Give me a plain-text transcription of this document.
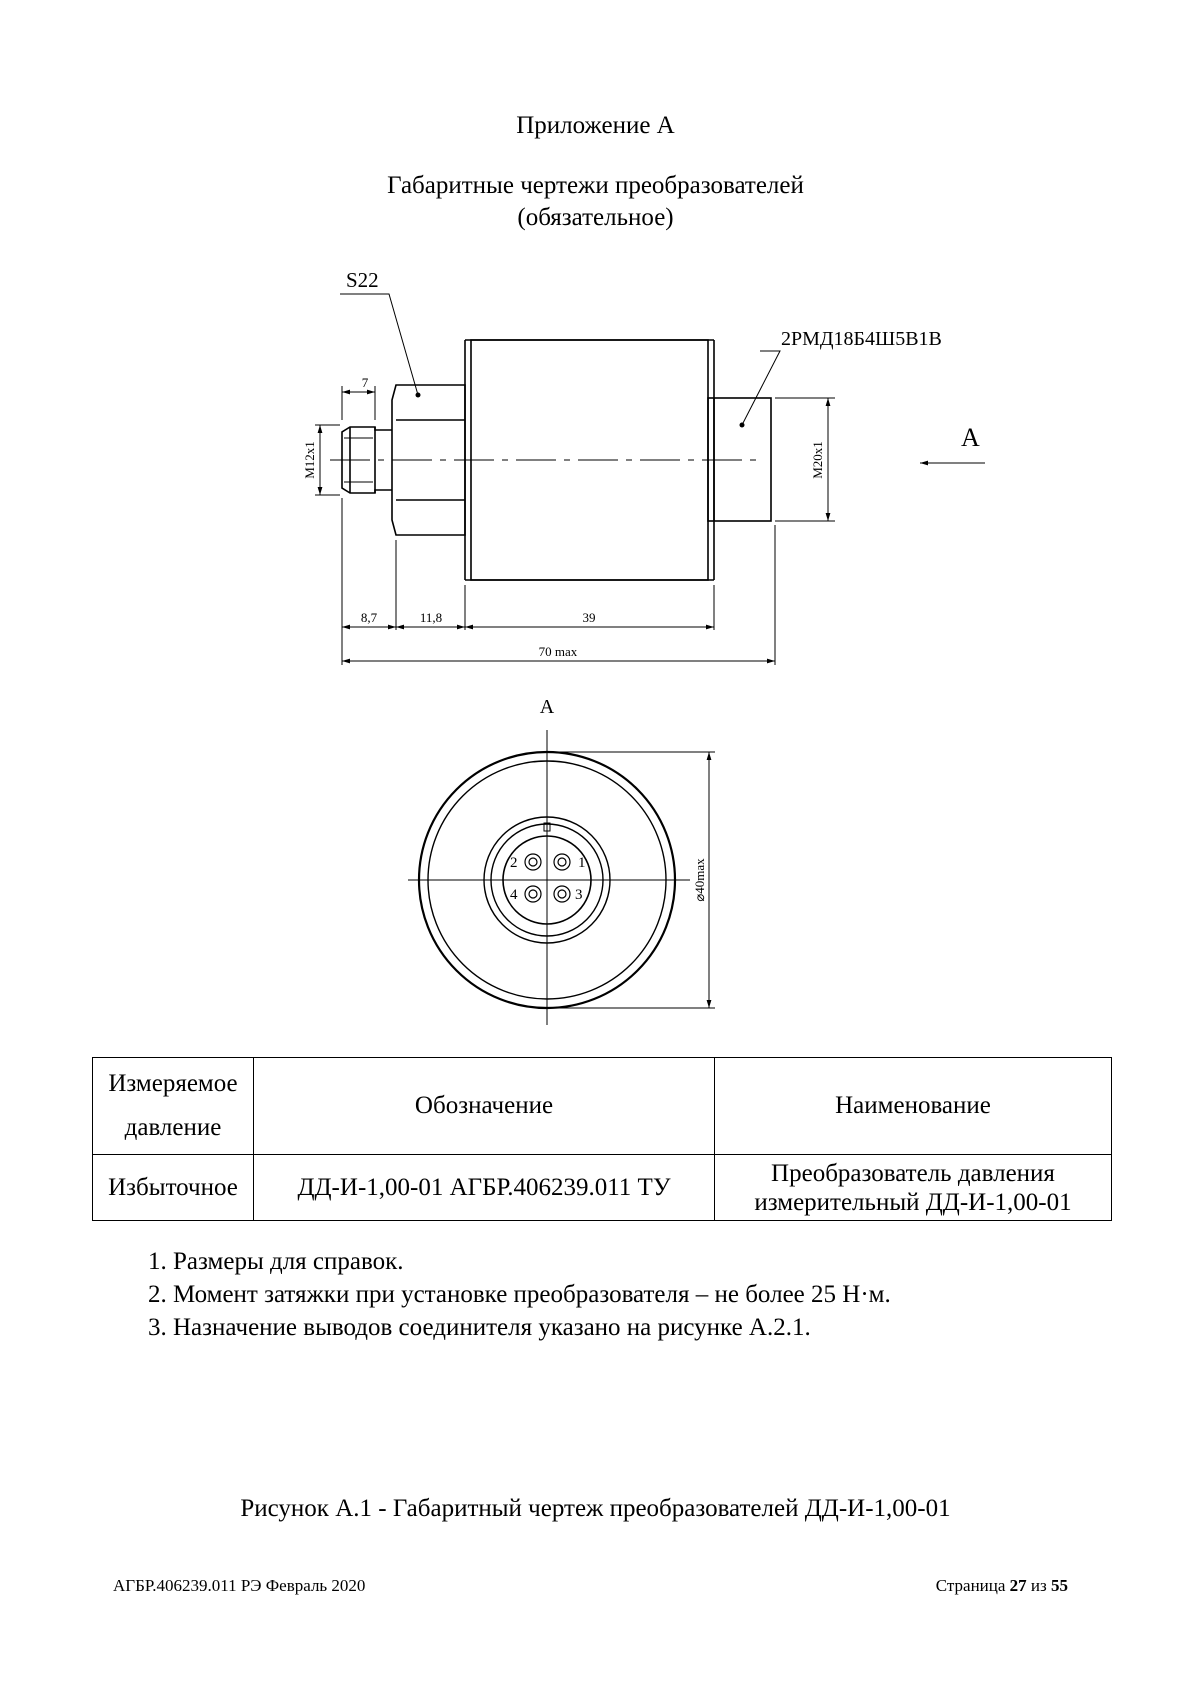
Приложение А
Габаритные чертежи преобразователей
(обязательное)
S22
2РМД18Б4Ш5В1В
А
7
M12x1	M20x1
8,7	11,8	39
70 max
А
1
2
3
4	⌀40max
Измеряемое
давление	Обозначение	Наименование
Избыточное	ДД-И-1,00-01 АГБР.406239.011 ТУ	Преобразователь давления
измерительный ДД-И-1,00-01
1. Размеры для справок.
2. Момент затяжки при установке преобразователя – не более 25 Н·м.
3. Назначение выводов соединителя указано на рисунке А.2.1.
Рисунок А.1 - Габаритный чертеж преобразователей ДД-И-1,00-01
АГБР.406239.011 РЭ Февраль 2020	Страница 27 из 55
